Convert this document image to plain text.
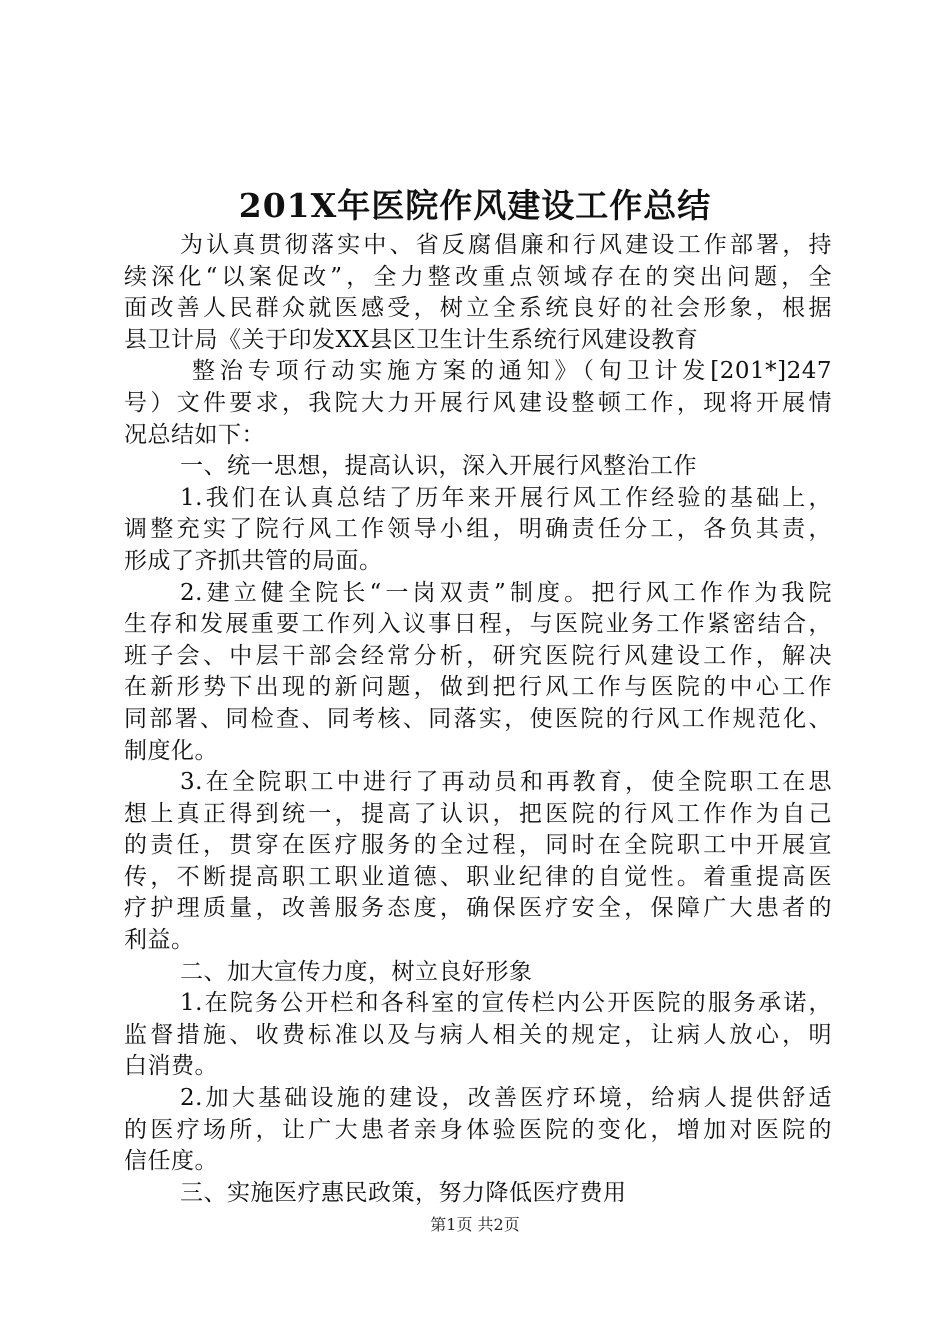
201X年医院作风建设工作总结
为认真贯彻落实中、省反腐倡廉和行风建设工作部署，持
续深化“以案促改”，全力整改重点领域存在的突出问题，全
面改善人民群众就医感受，树立全系统良好的社会形象，根据
县卫计局《关于印发XX县区卫生计生系统行风建设教育
整治专项行动实施方案的通知》（旬卫计发[201*]247
号）文件要求，我院大力开展行风建设整顿工作，现将开展情
况总结如下：
一、统一思想，提高认识，深入开展行风整治工作
1.我们在认真总结了历年来开展行风工作经验的基础上，
调整充实了院行风工作领导小组，明确责任分工，各负其责，
形成了齐抓共管的局面。
2.建立健全院长“一岗双责”制度。把行风工作作为我院
生存和发展重要工作列入议事日程，与医院业务工作紧密结合，
班子会、中层干部会经常分析，研究医院行风建设工作，解决
在新形势下出现的新问题，做到把行风工作与医院的中心工作
同部署、同检查、同考核、同落实，使医院的行风工作规范化、
制度化。
3.在全院职工中进行了再动员和再教育，使全院职工在思
想上真正得到统一，提高了认识，把医院的行风工作作为自己
的责任，贯穿在医疗服务的全过程，同时在全院职工中开展宣
传，不断提高职工职业道德、职业纪律的自觉性。着重提高医
疗护理质量，改善服务态度，确保医疗安全，保障广大患者的
利益。
二、加大宣传力度，树立良好形象
1.在院务公开栏和各科室的宣传栏内公开医院的服务承诺，
监督措施、收费标准以及与病人相关的规定，让病人放心，明
白消费。
2.加大基础设施的建设，改善医疗环境，给病人提供舒适
的医疗场所，让广大患者亲身体验医院的变化，增加对医院的
信任度。
三、实施医疗惠民政策，努力降低医疗费用
第1页 共2页
